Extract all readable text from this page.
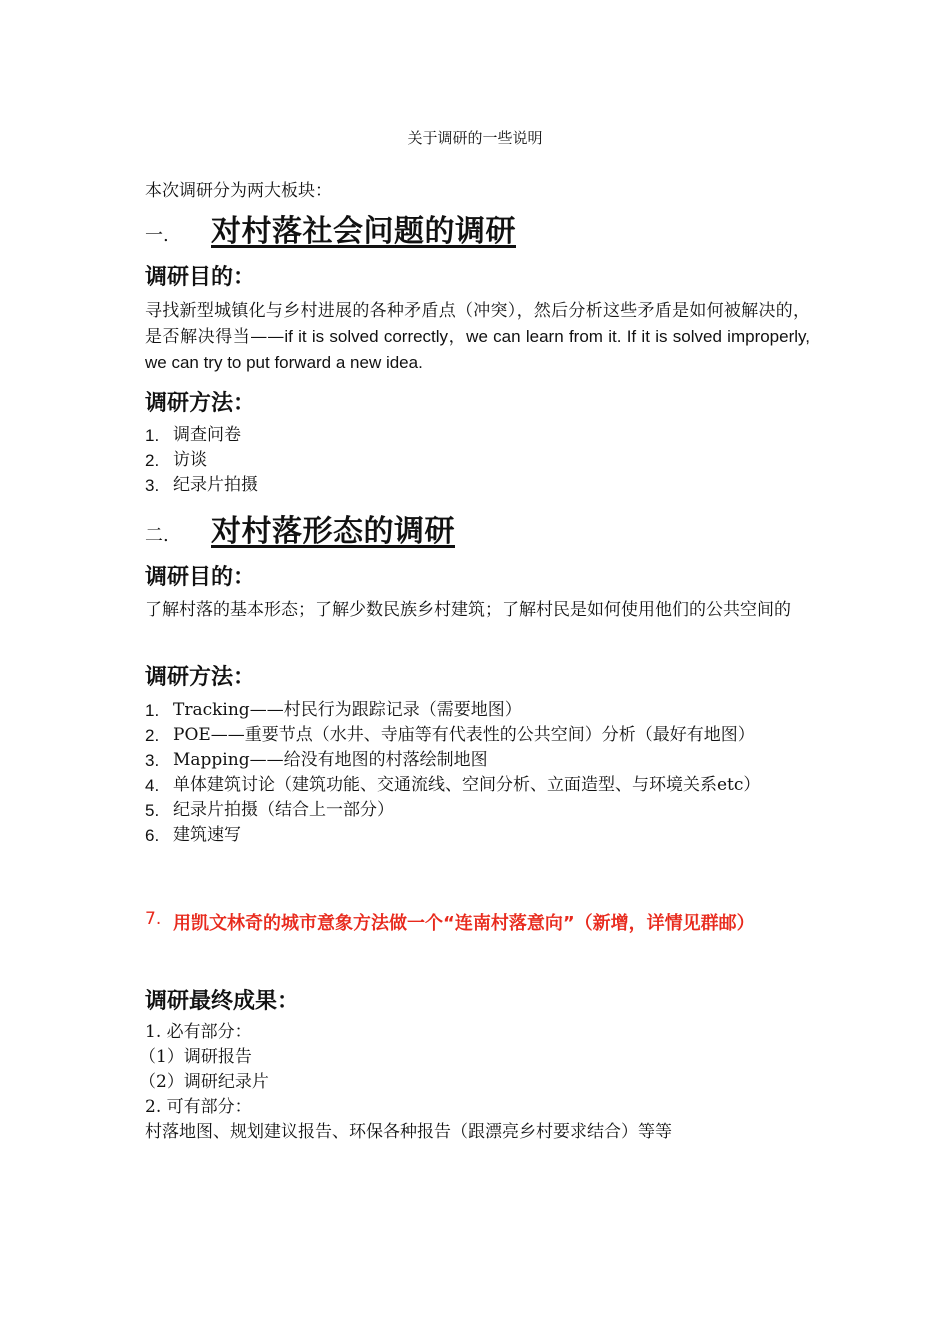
关于调研的一些说明
本次调研分为两大板块：
一.	对村落社会问题的调研
调研目的：
寻找新型城镇化与乡村进展的各种矛盾点（冲突），然后分析这些矛盾是如何被解决的，是否解决得当——if it is solved correctly，we can learn from it. If it is solved improperly, we can try to put forward a new idea.
调研方法：
1. 调查问卷
2. 访谈
3. 纪录片拍摄
二.	对村落形态的调研
调研目的：
了解村落的基本形态；了解少数民族乡村建筑；了解村民是如何使用他们的公共空间的
调研方法：
1. Tracking——村民行为跟踪记录（需要地图）
2. POE——重要节点（水井、寺庙等有代表性的公共空间）分析（最好有地图）
3. Mapping——给没有地图的村落绘制地图
4. 单体建筑讨论（建筑功能、交通流线、空间分析、立面造型、与环境关系etc）
5. 纪录片拍摄（结合上一部分）
6. 建筑速写
7. 用凯文林奇的城市意象方法做一个“连南村落意向”（新增，详情见群邮）
调研最终成果：
1. 必有部分：
（1）调研报告
（2）调研纪录片
2. 可有部分：
村落地图、规划建议报告、环保各种报告（跟漂亮乡村要求结合）等等
